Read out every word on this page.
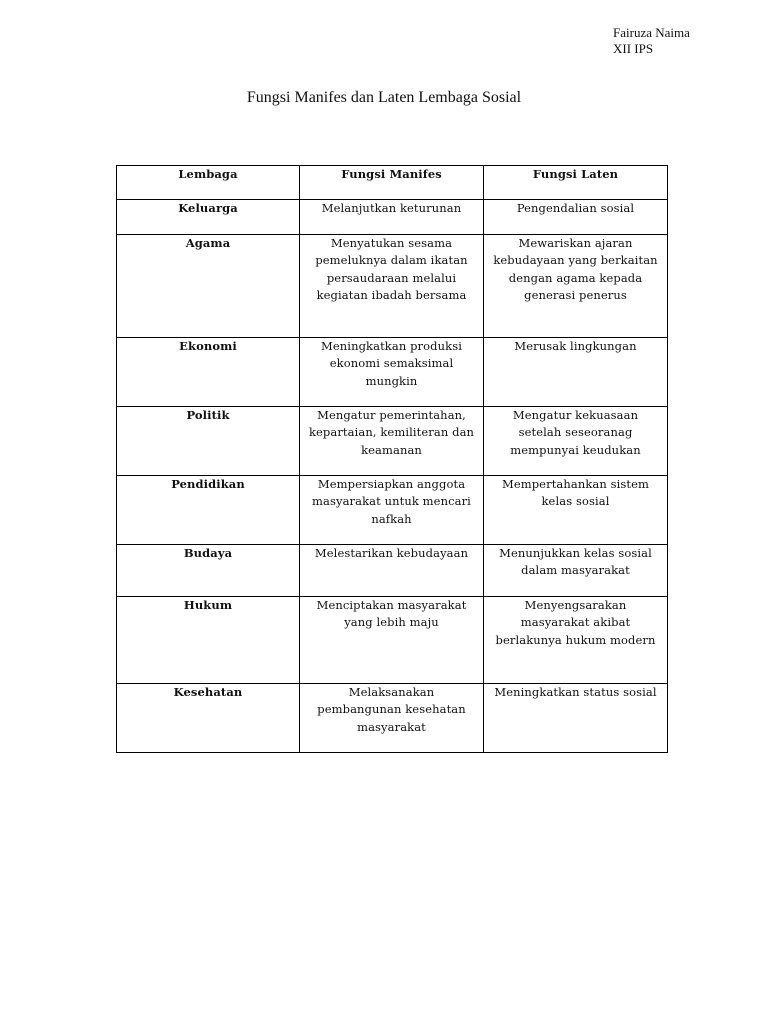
Fairuza Naima
XII IPS
Fungsi Manifes dan Laten Lembaga Sosial
Lembaga	Fungsi Manifes	Fungsi Laten

Keluarga	Melanjutkan keturunan	Pengendalian sosial

Agama	Menyatukan sesama pemeluknya dalam ikatan persaudaraan melalui kegiatan ibadah bersama	Mewariskan ajaran kebudayaan yang berkaitan dengan agama kepada generasi penerus

Ekonomi	Meningkatkan produksi ekonomi semaksimal mungkin	Merusak lingkungan

Politik	Mengatur pemerintahan, kepartaian, kemiliteran dan keamanan	Mengatur kekuasaan setelah seseoranag mempunyai keudukan

Pendidikan	Mempersiapkan anggota masyarakat untuk mencari nafkah	Mempertahankan sistem kelas sosial

Budaya	Melestarikan kebudayaan	Menunjukkan kelas sosial dalam masyarakat

Hukum	Menciptakan masyarakat yang lebih maju	Menyengsarakan masyarakat akibat berlakunya hukum modern

Kesehatan	Melaksanakan pembangunan kesehatan masyarakat	Meningkatkan status sosial
